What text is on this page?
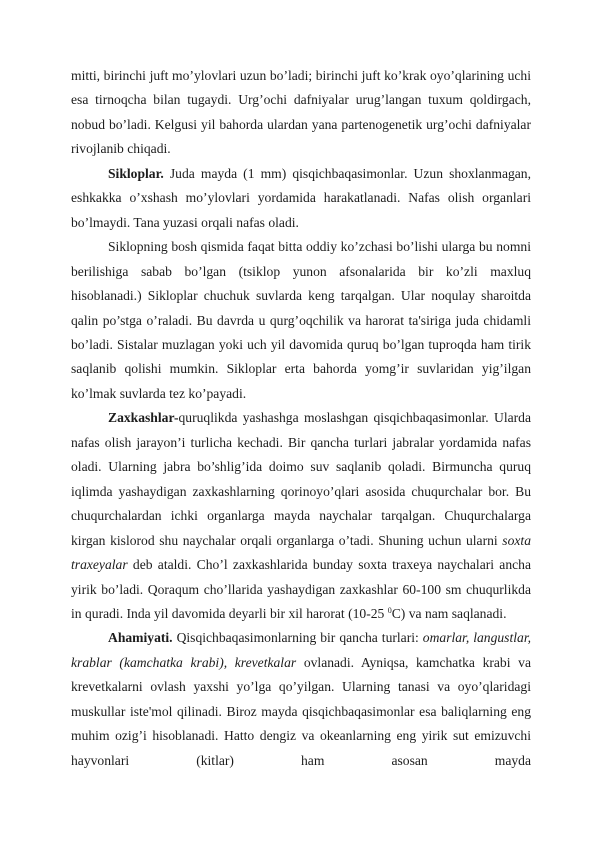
mitti, birinchi juft mo’ylovlari uzun bo’ladi; birinchi juft ko’krak oyo’qlarining uchi esa tirnoqcha bilan tugaydi. Urg’ochi dafniyalar urug’langan tuxum qoldirgach, nobud bo’ladi. Kelgusi yil bahorda ulardan yana partenogenetik urg’ochi dafniyalar rivojlanib chiqadi.

Sikloplar. Juda mayda (1 mm) qisqichbaqasimonlar. Uzun shoxlanmagan, eshkakka o’xshash mo’ylovlari yordamida harakatlanadi. Nafas olish organlari bo’lmaydi. Tana yuzasi orqali nafas oladi.

Siklopning bosh qismida faqat bitta oddiy ko’zchasi bo’lishi ularga bu nomni berilishiga sabab bo’lgan (tsiklop yunon afsonalarida bir ko’zli maxluq hisoblanadi.) Sikloplar chuchuk suvlarda keng tarqalgan. Ular noqulay sharoitda qalin po’stga o’raladi. Bu davrda u qurg’oqchilik va harorat ta'siriga juda chidamli bo’ladi. Sistalar muzlagan yoki uch yil davomida quruq bo’lgan tuproqda ham tirik saqlanib qolishi mumkin. Sikloplar erta bahorda yomg’ir suvlaridan yig’ilgan ko’lmak suvlarda tez ko’payadi.

Zaxkashlar-quruqlikda yashashga moslashgan qisqichbaqasimonlar. Ularda nafas olish jarayon’i turlicha kechadi. Bir qancha turlari jabralar yordamida nafas oladi. Ularning jabra bo’shlig’ida doimo suv saqlanib qoladi. Birmuncha quruq iqlimda yashaydigan zaxkashlarning qorinoyo’qlari asosida chuqurchalar bor. Bu chuqurchalardan ichki organlarga mayda naychalar tarqalgan. Chuqurchalarga kirgan kislorod shu naychalar orqali organlarga o’tadi. Shuning uchun ularni soxta traxeyalar deb ataldi. Cho’l zaxkashlarida bunday soxta traxeya naychalari ancha yirik bo’ladi. Qoraqum cho’llarida yashaydigan zaxkashlar 60-100 sm chuqurlikda in quradi. Inda yil davomida deyarli bir xil harorat (10-25 $^0$C) va nam saqlanadi.

Ahamiyati. Qisqichbaqasimonlarning bir qancha turlari: omarlar, langustlar, krablar (kamchatka krabi), krevetkalar ovlanadi. Ayniqsa, kamchatka krabi va krevetkalarni ovlash yaxshi yo’lga qo’yilgan. Ularning tanasi va oyo’qlaridagi muskullar iste'mol qilinadi. Biroz mayda qisqichbaqasimonlar esa baliqlarning eng muhim ozig’i hisoblanadi. Hatto dengiz va okeanlarning eng yirik sut emizuvchi hayvonlari (kitlar) ham asosan mayda
